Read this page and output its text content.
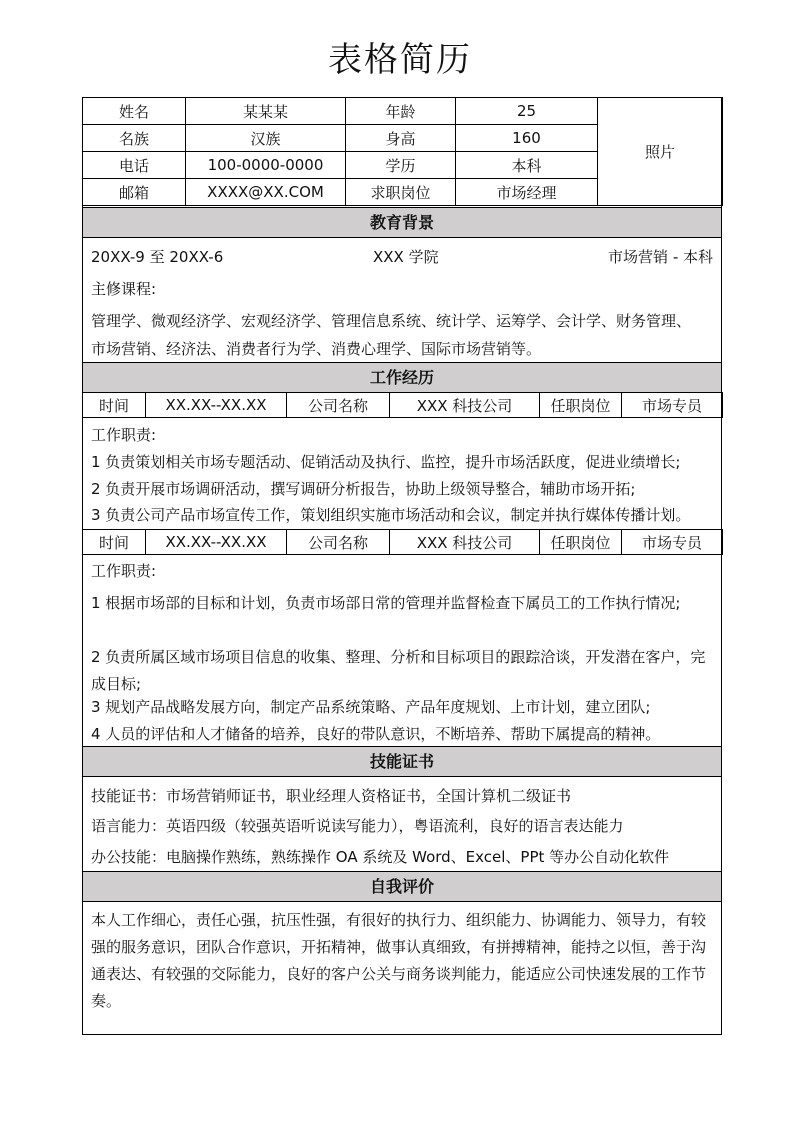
表格简历
姓名	某某某	年龄	25	照片
名族	汉族	身高	160	
电话	100-0000-0000	学历	本科	
邮箱	XXXX@XX.COM	求职岗位	市场经理	
教育背景
20XX-9 至 20XX-6	XXX 学院	市场营销 - 本科
主修课程:
管理学、微观经济学、宏观经济学、管理信息系统、统计学、运筹学、会计学、财务管理、
市场营销、经济法、消费者行为学、消费心理学、国际市场营销等。
工作经历
时间	XX.XX--XX.XX	公司名称	XXX 科技公司	任职岗位	市场专员
工作职责:
1 负责策划相关市场专题活动、促销活动及执行、监控，提升市场活跃度，促进业绩增长;
2 负责开展市场调研活动，撰写调研分析报告，协助上级领导整合，辅助市场开拓;
3 负责公司产品市场宣传工作，策划组织实施市场活动和会议，制定并执行媒体传播计划。
时间	XX.XX--XX.XX	公司名称	XXX 科技公司	任职岗位	市场专员
工作职责:
1 根据市场部的目标和计划，负责市场部日常的管理并监督检查下属员工的工作执行情况;
2 负责所属区域市场项目信息的收集、整理、分析和目标项目的跟踪洽谈，开发潜在客户，完成目标;
3 规划产品战略发展方向，制定产品系统策略、产品年度规划、上市计划，建立团队;
4 人员的评估和人才储备的培养，良好的带队意识，不断培养、帮助下属提高的精神。
技能证书
技能证书：市场营销师证书，职业经理人资格证书，全国计算机二级证书
语言能力：英语四级（较强英语听说读写能力），粤语流利，良好的语言表达能力
办公技能：电脑操作熟练，熟练操作 OA 系统及 Word、Excel、PPt 等办公自动化软件
自我评价
本人工作细心，责任心强，抗压性强，有很好的执行力、组织能力、协调能力、领导力，有较强的服务意识，团队合作意识，开拓精神，做事认真细致，有拼搏精神，能持之以恒，善于沟通表达、有较强的交际能力，良好的客户公关与商务谈判能力，能适应公司快速发展的工作节奏。
